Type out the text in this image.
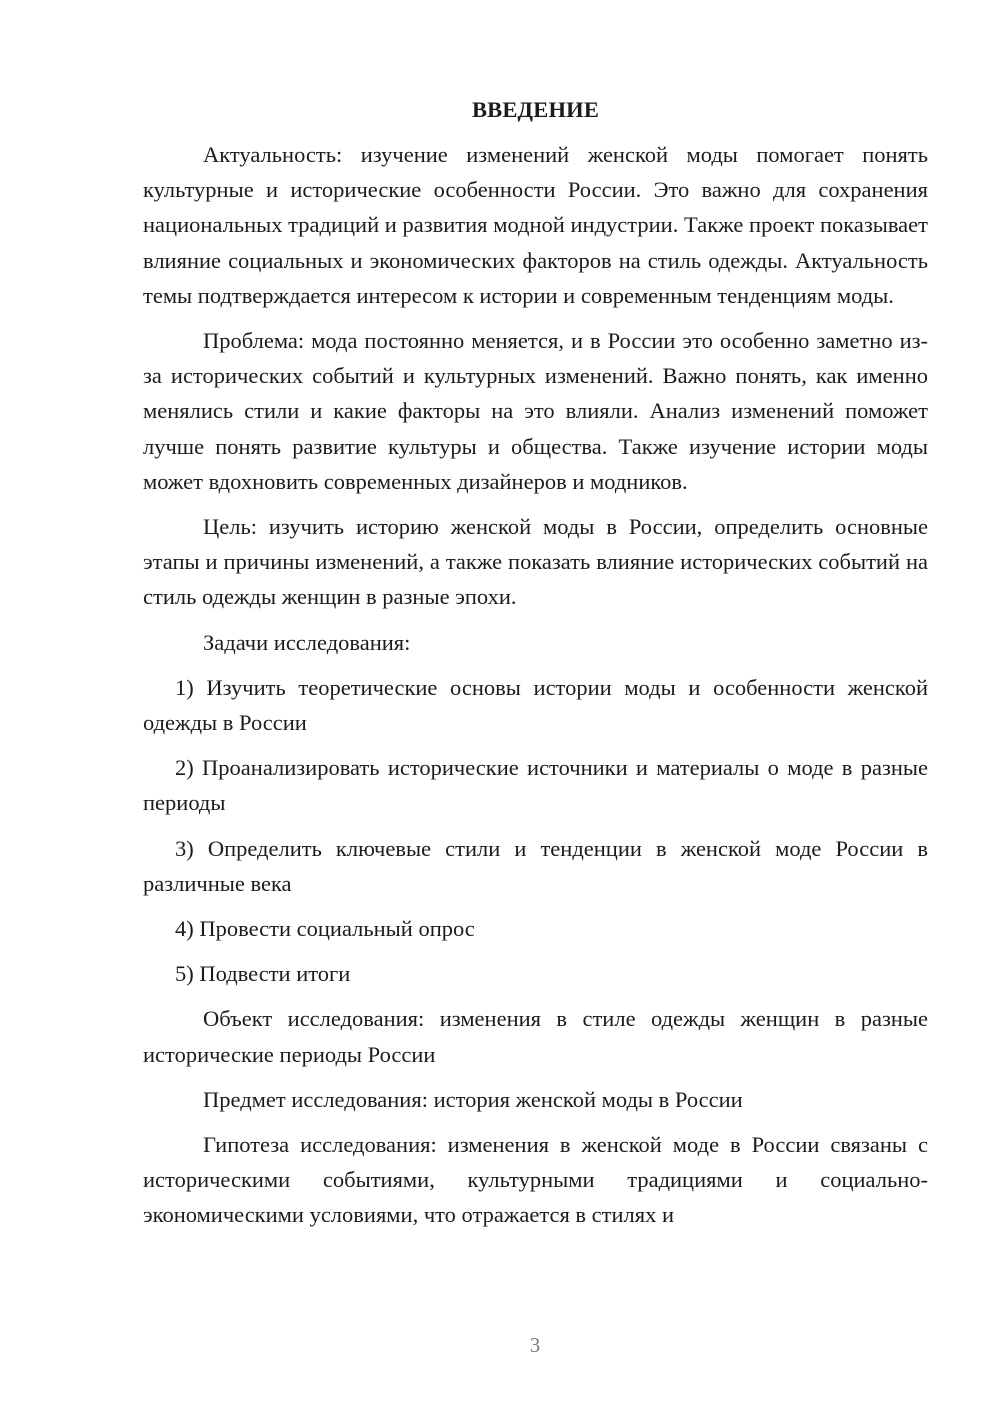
ВВЕДЕНИЕ

Актуальность: изучение изменений женской моды помогает понять культурные и исторические особенности России. Это важно для сохранения национальных традиций и развития модной индустрии. Также проект показывает влияние социальных и экономических факторов на стиль одежды. Актуальность темы подтверждается интересом к истории и современным тенденциям моды.

Проблема: мода постоянно меняется, и в России это особенно заметно из-за исторических событий и культурных изменений. Важно понять, как именно менялись стили и какие факторы на это влияли. Анализ изменений поможет лучше понять развитие культуры и общества. Также изучение истории моды может вдохновить современных дизайнеров и модников.

Цель: изучить историю женской моды в России, определить основные этапы и причины изменений, а также показать влияние исторических событий на стиль одежды женщин в разные эпохи.

Задачи исследования:

1) Изучить теоретические основы истории моды и особенности женской одежды в России

2) Проанализировать исторические источники и материалы о моде в разные периоды

3) Определить ключевые стили и тенденции в женской моде России в различные века

4) Провести социальный опрос

5) Подвести итоги

Объект исследования: изменения в стиле одежды женщин в разные исторические периоды России

Предмет исследования: история женской моды в России

Гипотеза исследования: изменения в женской моде в России связаны с историческими событиями, культурными традициями и социально-экономическими условиями, что отражается в стилях и

3
